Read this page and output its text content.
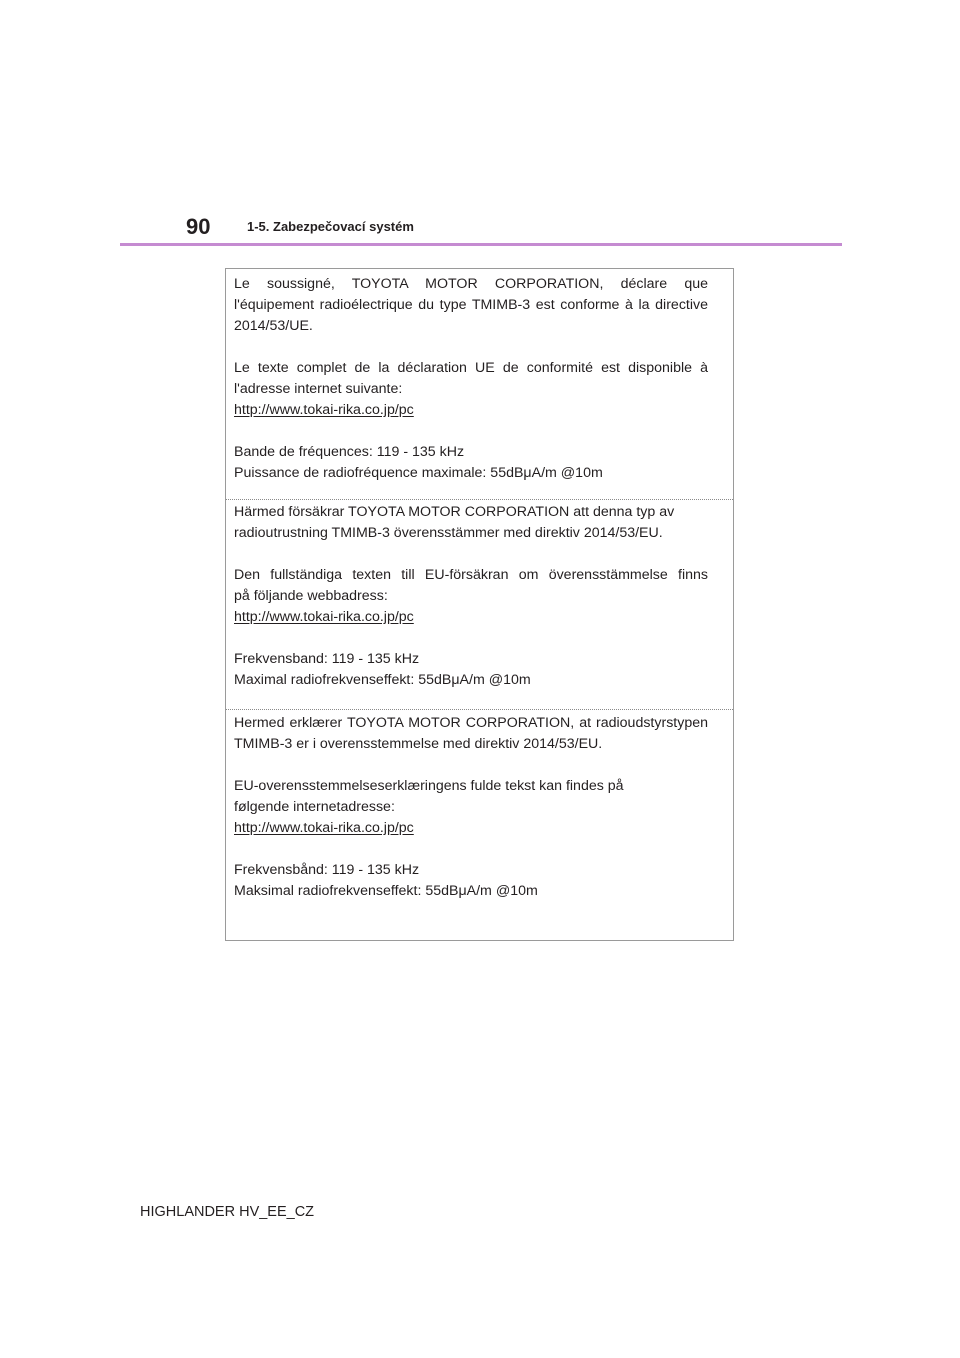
90	1-5. Zabezpečovací systém

Le soussigné, TOYOTA MOTOR CORPORATION, déclare que l'équipement radioélectrique du type TMIMB-3 est conforme à la directive 2014/53/UE.

Le texte complet de la déclaration UE de conformité est disponible à

l'adresse internet suivante:

http://www.tokai-rika.co.jp/pc

Bande de fréquences: 119 - 135 kHz

Puissance de radiofréquence maximale: 55dBμA/m @10m

Härmed försäkrar TOYOTA MOTOR CORPORATION att denna typ av

radioutrustning TMIMB-3 överensstämmer med direktiv 2014/53/EU.

Den fullständiga texten till EU-försäkran om överensstämmelse finns

på följande webbadress:

http://www.tokai-rika.co.jp/pc

Frekvensband: 119 - 135 kHz

Maximal radiofrekvenseffekt: 55dBμA/m @10m

Hermed erklærer TOYOTA MOTOR CORPORATION, at radioudstyrstypen TMIMB-3 er i overensstemmelse med direktiv 2014/53/EU.

EU-overensstemmelseserklæringens fulde tekst kan findes på

følgende internetadresse:

http://www.tokai-rika.co.jp/pc

Frekvensbånd: 119 - 135 kHz

Maksimal radiofrekvenseffekt: 55dBμA/m @10m

HIGHLANDER HV_EE_CZ
